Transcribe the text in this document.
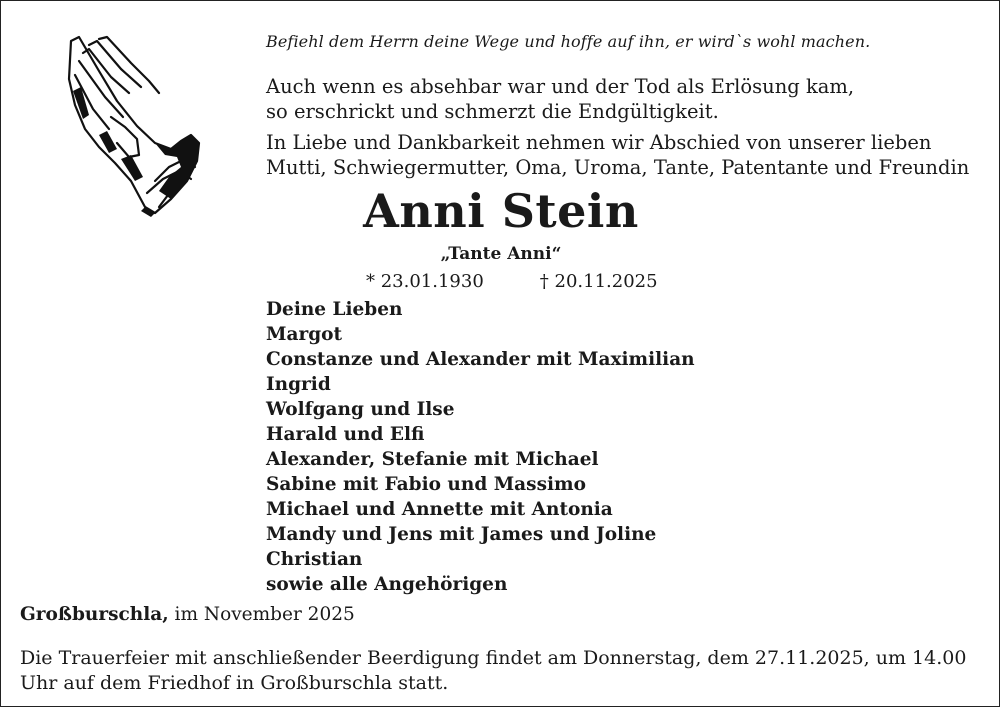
Befiehl dem Herrn deine Wege und hoffe auf ihn, er wird`s wohl machen.

Auch wenn es absehbar war und der Tod als Erlösung kam,
so erschrickt und schmerzt die Endgültigkeit.

In Liebe und Dankbarkeit nehmen wir Abschied von unserer lieben
Mutti, Schwiegermutter, Oma, Uroma, Tante, Patentante und Freundin

Anni Stein
„Tante Anni“
* 23.01.1930	† 20.11.2025
Deine Lieben
Margot
Constanze und Alexander mit Maximilian
Ingrid
Wolfgang und Ilse
Harald und Elfi
Alexander, Stefanie mit Michael
Sabine mit Fabio und Massimo
Michael und Annette mit Antonia
Mandy und Jens mit James und Joline
Christian
sowie alle Angehörigen
Großburschla, im November 2025
Die Trauerfeier mit anschließender Beerdigung findet am Donnerstag, dem 27.11.2025, um 14.00
Uhr auf dem Friedhof in Großburschla statt.
